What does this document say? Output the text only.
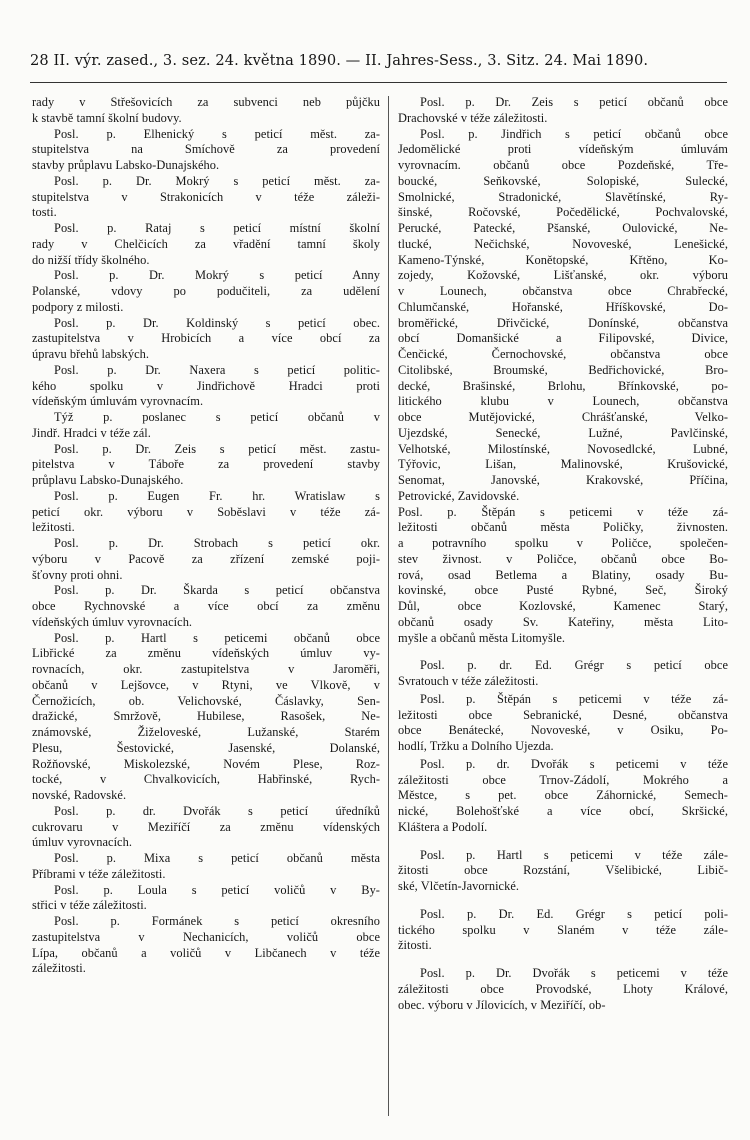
28 II. výr. zased., 3. sez. 24. května 1890. — II. Jahres-Sess., 3. Sitz. 24. Mai 1890.
rady v Střešovicích za subvenci neb půjčku
k stavbě tamní školní budovy.
Posl. p. Elhenický s peticí měst. za-
stupitelstva na Smíchově za provedení
stavby průplavu Labsko-Dunajského.
Posl. p. Dr. Mokrý s peticí měst. za-
stupitelstva v Strakonicích v téže záleži-
tosti.
Posl. p. Rataj s peticí místní školní
rady v Chelčicích za vřadění tamní školy
do nižší třídy školného.
Posl. p. Dr. Mokrý s peticí Anny
Polanské, vdovy po podučiteli, za udělení
podpory z milosti.
Posl. p. Dr. Koldinský s peticí obec.
zastupitelstva v Hrobicích a více obcí za
úpravu břehů labských.
Posl. p. Dr. Naxera s peticí politic-
kého spolku v Jindřichově Hradci proti
vídeňským úmluvám vyrovnacím.
Týž p. poslanec s peticí občanů v
Jindř. Hradci v téže zál.
Posl. p. Dr. Zeis s peticí měst. zastu-
pitelstva v Táboře za provedení stavby
průplavu Labsko-Dunajského.
Posl. p. Eugen Fr. hr. Wratislaw s
peticí okr. výboru v Soběslavi v téže zá-
ležitosti.
Posl. p. Dr. Strobach s peticí okr.
výboru v Pacově za zřízení zemské poji-
šťovny proti ohni.
Posl. p. Dr. Škarda s peticí občanstva
obce Rychnovské a více obcí za změnu
vídeňských úmluv vyrovnacích.
Posl. p. Hartl s peticemi občanů obce
Libřické za změnu vídeňských úmluv vy-
rovnacích, okr. zastupitelstva v Jaroměři,
občanů v Lejšovce, v Rtyni, ve Vlkově, v
Černožicích, ob. Velichovské, Čáslavky, Sen-
dražické, Smržově, Hubilese, Rasošek, Ne-
známovské, Žiželoveské, Lužanské, Starém
Plesu, Šestovické, Jasenské, Dolanské,
Rožňovské, Miskolezské, Novém Plese, Roz-
tocké, v Chvalkovicích, Habřinské, Rych-
novské, Radovské.
Posl. p. dr. Dvořák s peticí úředníků
cukrovaru v Meziříčí za změnu vídenských
úmluv vyrovnacích.
Posl. p. Mixa s peticí občanů města
Příbrami v téže záležitosti.
Posl. p. Loula s peticí voličů v By-
střici v téže záležitosti.
Posl. p. Formánek s peticí okresního
zastupitelstva v Nechanicích, voličů obce
Lípa, občanů a voličů v Libčanech v téže
záležitosti.
Posl. p. Dr. Zeis s peticí občanů obce
Drachovské v téže záležitosti.
Posl. p. Jindřich s peticí občanů obce
Jedomělické proti vídeňským úmluvám
vyrovnacím. občanů obce Pozdeňské, Tře-
boucké, Seňkovské, Solopiské, Sulecké,
Smolnické, Stradonické, Slavětínské, Ry-
šinské, Ročovské, Počedělické, Pochvalovské,
Perucké, Patecké, Pšanské, Oulovické, Ne-
tlucké, Nečichské, Novoveské, Lenešické,
Kameno-Týnské, Konětopské, Křtěno, Ko-
zojedy, Kožovské, Lišťanské, okr. výboru
v Lounech, občanstva obce Chrabřecké,
Chlumčanské, Hořanské, Hříškovské, Do-
broměřické, Dřivčické, Donínské, občanstva
obcí Domanšické a Filipovské, Divice,
Čenčické, Černochovské, občanstva obce
Citolibské, Broumské, Bedřichovické, Bro-
decké, Brašinské, Brlohu, Břínkovské, po-
litického klubu v Lounech, občanstva
obce Mutějovické, Chrášťanské, Velko-
Ujezdské, Senecké, Lužné, Pavlčinské,
Velhotské, Milostínské, Novosedlcké, Lubné,
Týřovic, Lišan, Malinovské, Krušovické,
Senomat, Janovské, Krakovské, Příčina,
Petrovické, Zavidovské.
Posl. p. Štěpán s peticemi v téže zá-
ležitosti občanů města Poličky, živnosten.
a potravního spolku v Poličce, společen-
stev živnost. v Poličce, občanů obce Bo-
rová, osad Betlema a Blatiny, osady Bu-
kovinské, obce Pusté Rybné, Seč, Široký
Důl, obce Kozlovské, Kamenec Starý,
občanů osady Sv. Kateřiny, města Lito-
myšle a občanů města Litomyšle.
Posl. p. dr. Ed. Grégr s peticí obce
Svratouch v téže záležitosti.
Posl. p. Štěpán s peticemi v téže zá-
ležitosti obce Sebranické, Desné, občanstva
obce Benátecké, Novoveské, v Osiku, Po-
hodlí, Tržku a Dolního Ujezda.
Posl. p. dr. Dvořák s peticemi v téže
záležitosti obce Trnov-Zádolí, Mokrého a
Městce, s pet. obce Záhornické, Semech-
nické, Bolehošťské a více obcí, Skršické,
Kláštera a Podolí.
Posl. p. Hartl s peticemi v téže zále-
žitosti obce Rozstání, Všelibické, Libič-
ské, Vlčetín-Javornické.
Posl. p. Dr. Ed. Grégr s peticí poli-
tického spolku v Slaném v téže zále-
žitosti.
Posl. p. Dr. Dvořák s peticemi v téže
záležitosti obce Provodské, Lhoty Králové,
obec. výboru v Jílovicích, v Meziříčí, ob-
